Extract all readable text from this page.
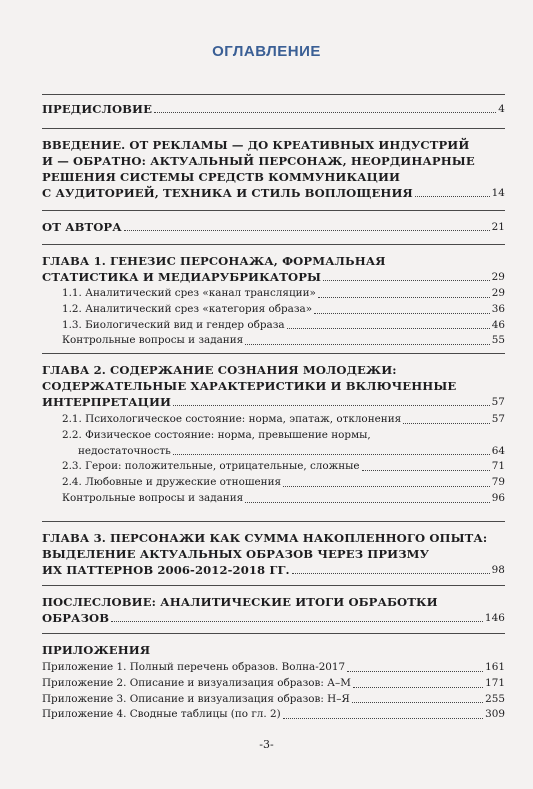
ОГЛАВЛЕНИЕ
ПРЕДИСЛОВИЕ	4
ВВЕДЕНИЕ. ОТ РЕКЛАМЫ — ДО КРЕАТИВНЫХ ИНДУСТРИЙ
И — ОБРАТНО: АКТУАЛЬНЫЙ ПЕРСОНАЖ, НЕОРДИНАРНЫЕ
РЕШЕНИЯ СИСТЕМЫ СРЕДСТВ КОММУНИКАЦИИ
С АУДИТОРИЕЙ, ТЕХНИКА И СТИЛЬ ВОПЛОЩЕНИЯ	14
ОТ АВТОРА	21
ГЛАВА 1. ГЕНЕЗИС ПЕРСОНАЖА, ФОРМАЛЬНАЯ
СТАТИСТИКА И МЕДИАРУБРИКАТОРЫ	29
1.1. Аналитический срез «канал трансляции»	29
1.2. Аналитический срез «категория образа»	36
1.3. Биологический вид и гендер образа	46
Контрольные вопросы и задания	55
ГЛАВА 2. СОДЕРЖАНИЕ СОЗНАНИЯ МОЛОДЕЖИ:
СОДЕРЖАТЕЛЬНЫЕ ХАРАКТЕРИСТИКИ И ВКЛЮЧЕННЫЕ
ИНТЕРПРЕТАЦИИ	57
2.1. Психологическое состояние: норма, эпатаж, отклонения	57
2.2. Физическое состояние: норма, превышение нормы,
недостаточность	64
2.3. Герои: положительные, отрицательные, сложные	71
2.4. Любовные и дружеские отношения	79
Контрольные вопросы и задания	96
ГЛАВА 3. ПЕРСОНАЖИ КАК СУММА НАКОПЛЕННОГО ОПЫТА:
ВЫДЕЛЕНИЕ АКТУАЛЬНЫХ ОБРАЗОВ ЧЕРЕЗ ПРИЗМУ
ИХ ПАТТЕРНОВ 2006-2012-2018 ГГ.	98
ПОСЛЕСЛОВИЕ: АНАЛИТИЧЕСКИЕ ИТОГИ ОБРАБОТКИ
ОБРАЗОВ	146
ПРИЛОЖЕНИЯ
Приложение 1. Полный перечень образов. Волна-2017	161
Приложение 2. Описание и визуализация образов: А–М	171
Приложение 3. Описание и визуализация образов: Н–Я	255
Приложение 4. Сводные таблицы (по гл. 2)	309
-3-
